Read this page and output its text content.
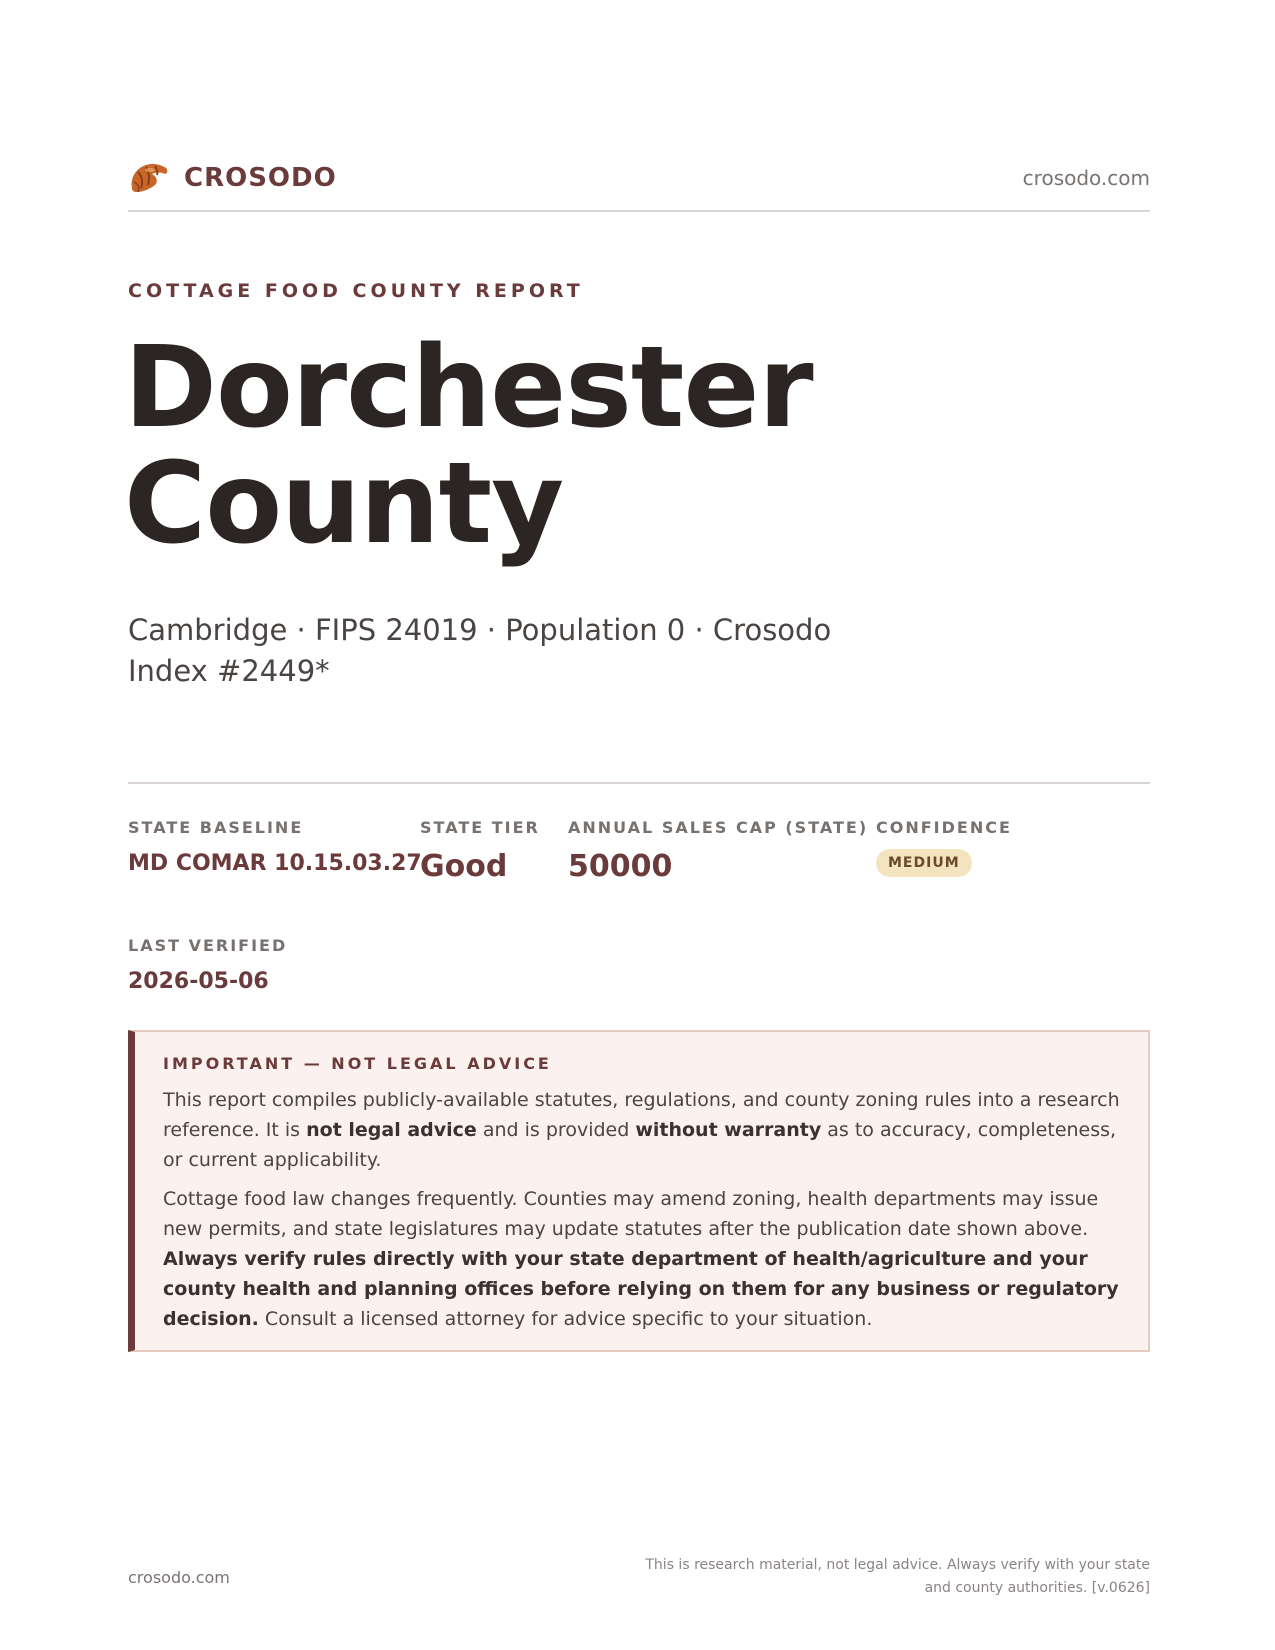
CROSODO	crosodo.com
COTTAGE FOOD COUNTY REPORT
Dorchester
County
Cambridge · FIPS 24019 · Population 0 · Crosodo Index #2449*
STATE BASELINE
MD COMAR 10.15.03.27
STATE TIER
Good
ANNUAL SALES CAP (STATE)
50000
CONFIDENCE
MEDIUM
LAST VERIFIED
2026-05-06
IMPORTANT — NOT LEGAL ADVICE

This report compiles publicly-available statutes, regulations, and county zoning rules into a research reference. It is not legal advice and is provided without warranty as to accuracy, completeness, or current applicability.

Cottage food law changes frequently. Counties may amend zoning, health departments may issue new permits, and state legislatures may update statutes after the publication date shown above. Always verify rules directly with your state department of health/agriculture and your county health and planning offices before relying on them for any business or regulatory decision. Consult a licensed attorney for advice specific to your situation.

crosodo.com
This is research material, not legal advice. Always verify with your state and county authorities. [v.0626]
